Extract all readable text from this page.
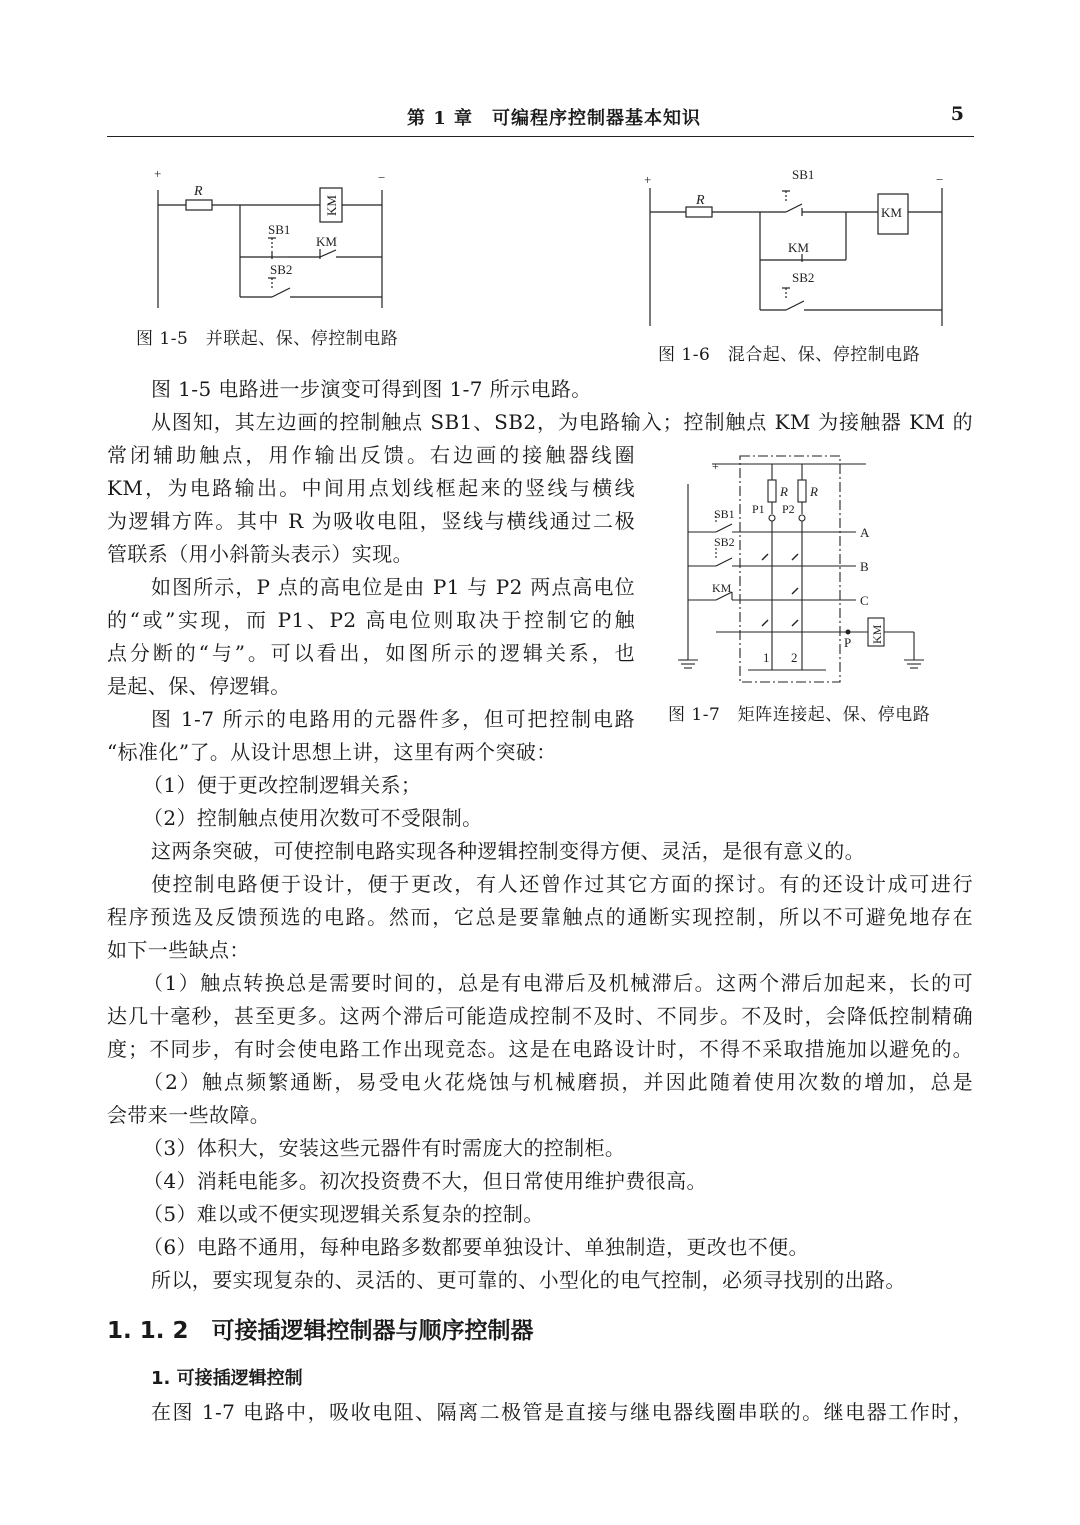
第 1 章　可编程序控制器基本知识	5
+	−
R
KM
SB1
KM
SB2
图 1-5　并联起、保、停控制电路
+	−
R
SB1
KM
KM
SB2
图 1-6　混合起、保、停控制电路
+
R R
SB1 P1 P2
SB2
KM
A
B
C
P KM
1 2
图 1-7　矩阵连接起、保、停电路
图 1-5 电路进一步演变可得到图 1-7 所示电路。
从图知，其左边画的控制触点 SB1、SB2，为电路输入；控制触点 KM 为接触器 KM 的
常闭辅助触点，用作输出反馈。右边画的接触器线圈
KM，为电路输出。中间用点划线框起来的竖线与横线
为逻辑方阵。其中 R 为吸收电阻，竖线与横线通过二极
管联系（用小斜箭头表示）实现。
如图所示，P 点的高电位是由 P1 与 P2 两点高电位
的“或”实现，而 P1、P2 高电位则取决于控制它的触
点分断的“与”。可以看出，如图所示的逻辑关系，也
是起、保、停逻辑。
图 1-7 所示的电路用的元器件多，但可把控制电路
“标准化”了。从设计思想上讲，这里有两个突破：
（1）便于更改控制逻辑关系；
（2）控制触点使用次数可不受限制。
这两条突破，可使控制电路实现各种逻辑控制变得方便、灵活，是很有意义的。
使控制电路便于设计，便于更改，有人还曾作过其它方面的探讨。有的还设计成可进行
程序预选及反馈预选的电路。然而，它总是要靠触点的通断实现控制，所以不可避免地存在
如下一些缺点：
（1）触点转换总是需要时间的，总是有电滞后及机械滞后。这两个滞后加起来，长的可
达几十毫秒，甚至更多。这两个滞后可能造成控制不及时、不同步。不及时，会降低控制精确
度；不同步，有时会使电路工作出现竞态。这是在电路设计时，不得不采取措施加以避免的。
（2）触点频繁通断，易受电火花烧蚀与机械磨损，并因此随着使用次数的增加，总是
会带来一些故障。
（3）体积大，安装这些元器件有时需庞大的控制柜。
（4）消耗电能多。初次投资费不大，但日常使用维护费很高。
（5）难以或不便实现逻辑关系复杂的控制。
（6）电路不通用，每种电路多数都要单独设计、单独制造，更改也不便。
所以，要实现复杂的、灵活的、更可靠的、小型化的电气控制，必须寻找别的出路。
1. 1. 2　可接插逻辑控制器与顺序控制器
1. 可接插逻辑控制
在图 1-7 电路中，吸收电阻、隔离二极管是直接与继电器线圈串联的。继电器工作时，
